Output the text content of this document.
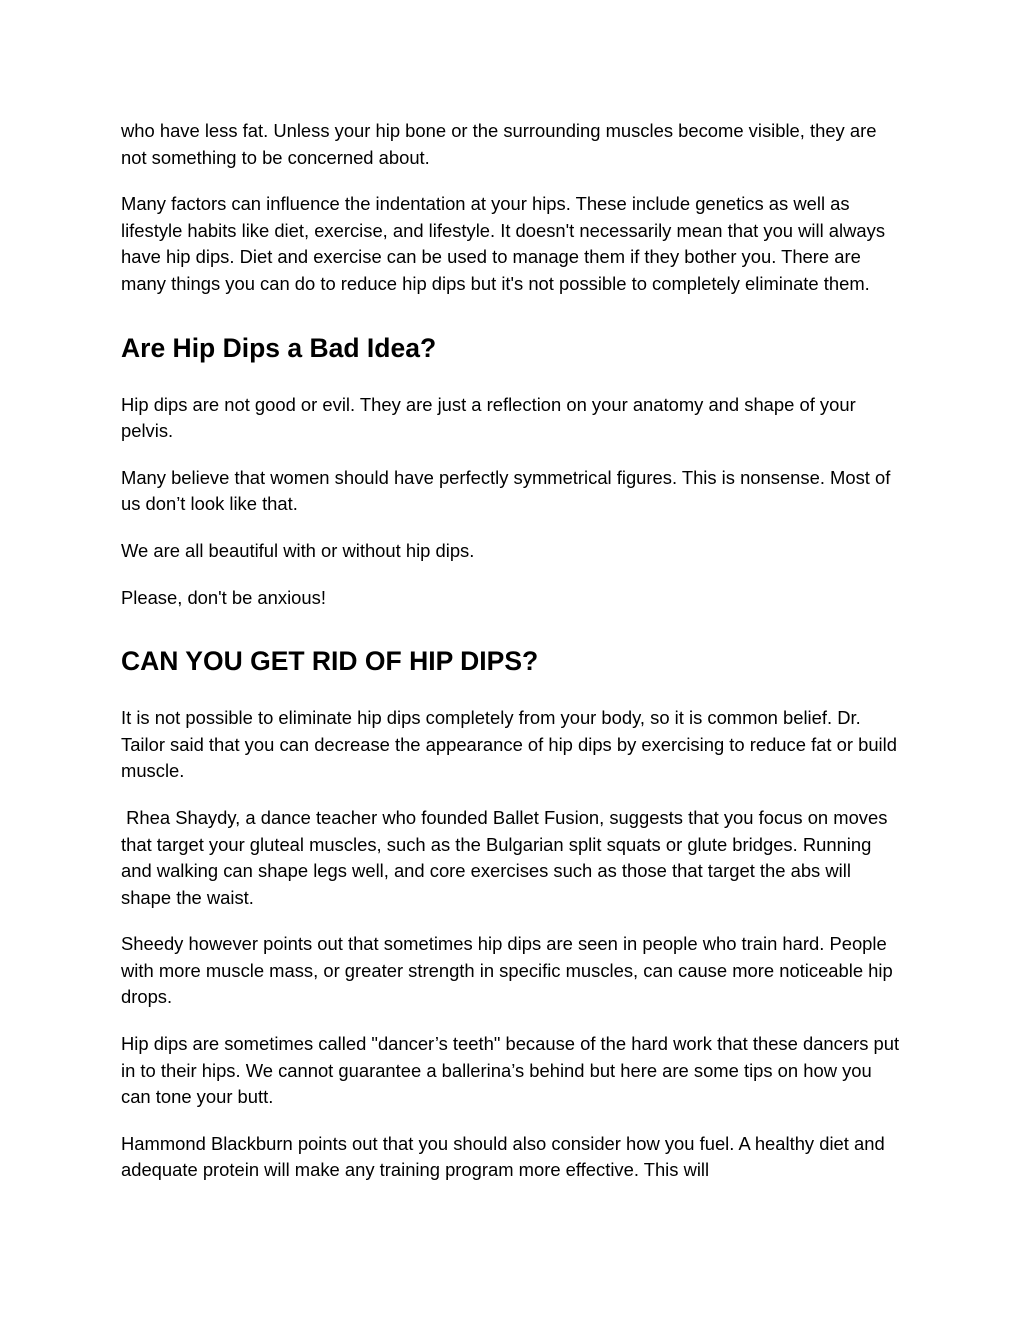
who have less fat. Unless your hip bone or the surrounding muscles become visible, they are not something to be concerned about.

Many factors can influence the indentation at your hips. These include genetics as well as lifestyle habits like diet, exercise, and lifestyle. It doesn't necessarily mean that you will always have hip dips. Diet and exercise can be used to manage them if they bother you. There are many things you can do to reduce hip dips but it's not possible to completely eliminate them.

Are Hip Dips a Bad Idea?

Hip dips are not good or evil. They are just a reflection on your anatomy and shape of your pelvis.

Many believe that women should have perfectly symmetrical figures. This is nonsense. Most of us don’t look like that.

We are all beautiful with or without hip dips.

Please, don't be anxious!

CAN YOU GET RID OF HIP DIPS?

It is not possible to eliminate hip dips completely from your body, so it is common belief. Dr. Tailor said that you can decrease the appearance of hip dips by exercising to reduce fat or build muscle.

Rhea Shaydy, a dance teacher who founded Ballet Fusion, suggests that you focus on moves that target your gluteal muscles, such as the Bulgarian split squats or glute bridges. Running and walking can shape legs well, and core exercises such as those that target the abs will shape the waist.

Sheedy however points out that sometimes hip dips are seen in people who train hard. People with more muscle mass, or greater strength in specific muscles, can cause more noticeable hip drops.

Hip dips are sometimes called "dancer’s teeth" because of the hard work that these dancers put in to their hips. We cannot guarantee a ballerina’s behind but here are some tips on how you can tone your butt.

Hammond Blackburn points out that you should also consider how you fuel. A healthy diet and adequate protein will make any training program more effective. This will
